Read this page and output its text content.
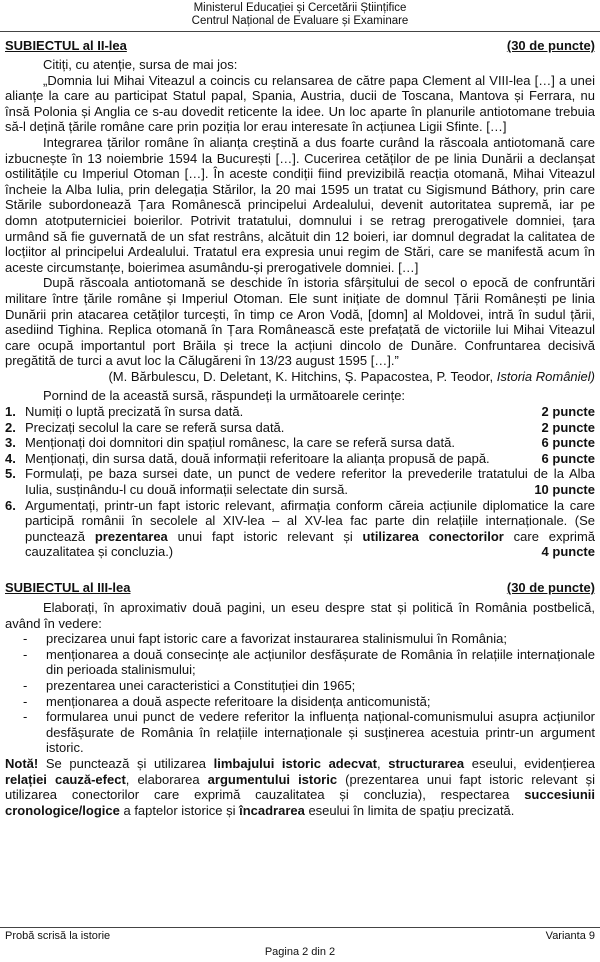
Ministerul Educației și Cercetării Științifice
Centrul Național de Evaluare și Examinare
SUBIECTUL al II-lea	(30 de puncte)
Citiți, cu atenție, sursa de mai jos:
„Domnia lui Mihai Viteazul a coincis cu relansarea de către papa Clement al VIII-lea […] a unei alianțe la care au participat Statul papal, Spania, Austria, ducii de Toscana, Mantova și Ferrara, nu însă Polonia și Anglia ce s-au dovedit reticente la idee. Un loc aparte în planurile antiotomane trebuia să-l dețină țările române care prin poziția lor erau interesate în acțiunea Ligii Sfinte. […]
Integrarea țărilor române în alianța creștină a dus foarte curând la răscoala antiotomană care izbucnește în 13 noiembrie 1594 la București […]. Cucerirea cetăților de pe linia Dunării a declanșat ostilitățile cu Imperiul Otoman […]. În aceste condiții fiind previzibilă reacția otomană, Mihai Viteazul încheie la Alba Iulia, prin delegația Stărilor, la 20 mai 1595 un tratat cu Sigismund Báthory, prin care Stările subordonează Țara Românescă principelui Ardealului, devenit autoritatea supremă, iar pe domn atotputerniciei boierilor. Potrivit tratatului, domnului i se retrag prerogativele domniei, țara urmând să fie guvernată de un sfat restrâns, alcătuit din 12 boieri, iar domnul degradat la calitatea de locțiitor al principelui Ardealului. Tratatul era expresia unui regim de Stări, care se manifestă acum în aceste circumstanțe, boierimea asumându-și prerogativele domniei. […]
După răscoala antiotomană se deschide în istoria sfârșitului de secol o epocă de confruntări militare între țările române și Imperiul Otoman. Ele sunt inițiate de domnul Țării Românești pe linia Dunării prin atacarea cetăților turcești, în timp ce Aron Vodă, [domn] al Moldovei, intră în sudul țării, asediind Tighina. Replica otomană în Țara Românească este prefațată de victoriile lui Mihai Viteazul care ocupă importantul port Brăila și trece la acțiuni dincolo de Dunăre. Confruntarea decisivă pregătită de turci a avut loc la Călugăreni în 13/23 august 1595 […].”
(M. Bărbulescu, D. Deletant, K. Hitchins, Ș. Papacostea, P. Teodor, Istoria Româniel)
Pornind de la această sursă, răspundeți la următoarele cerințe:
1. Numiți o luptă precizată în sursa dată.	2 puncte
2. Precizați secolul la care se referă sursa dată.	2 puncte
3. Menționați doi domnitori din spațiul românesc, la care se referă sursa dată.	6 puncte
4. Menționați, din sursa dată, două informații referitoare la alianța propusă de papă.	6 puncte
5. Formulați, pe baza sursei date, un punct de vedere referitor la prevederile tratatului de la Alba
Iulia, susținându-l cu două informații selectate din sursă.	10 puncte
6. Argumentați, printr-un fapt istoric relevant, afirmația conform căreia acțiunile diplomatice la care participă românii în secolele al XIV-lea – al XV-lea fac parte din relațiile internaționale. (Se punctează prezentarea unui fapt istoric relevant și utilizarea conectorilor care exprimă
cauzalitatea și concluzia.)	4 puncte
SUBIECTUL al III-lea	(30 de puncte)
Elaborați, în aproximativ două pagini, un eseu despre stat și politică în România postbelică, având în vedere:
-	precizarea unui fapt istoric care a favorizat instaurarea stalinismului în România;
-	menționarea a două consecințe ale acțiunilor desfășurate de România în relațiile internaționale din perioada stalinismului;
-	prezentarea unei caracteristici a Constituției din 1965;
-	menționarea a două aspecte referitoare la disidența anticomunistă;
-	formularea unui punct de vedere referitor la influența național-comunismului asupra acțiunilor desfășurate de România în relațiile internaționale și susținerea acestuia printr-un argument istoric.
Notă! Se punctează și utilizarea limbajului istoric adecvat, structurarea eseului, evidențierea relației cauză-efect, elaborarea argumentului istoric (prezentarea unui fapt istoric relevant și utilizarea conectorilor care exprimă cauzalitatea și concluzia), respectarea succesiunii cronologice/logice a faptelor istorice și încadrarea eseului în limita de spațiu precizată.
Probă scrisă la istorie	Varianta 9
Pagina 2 din 2
